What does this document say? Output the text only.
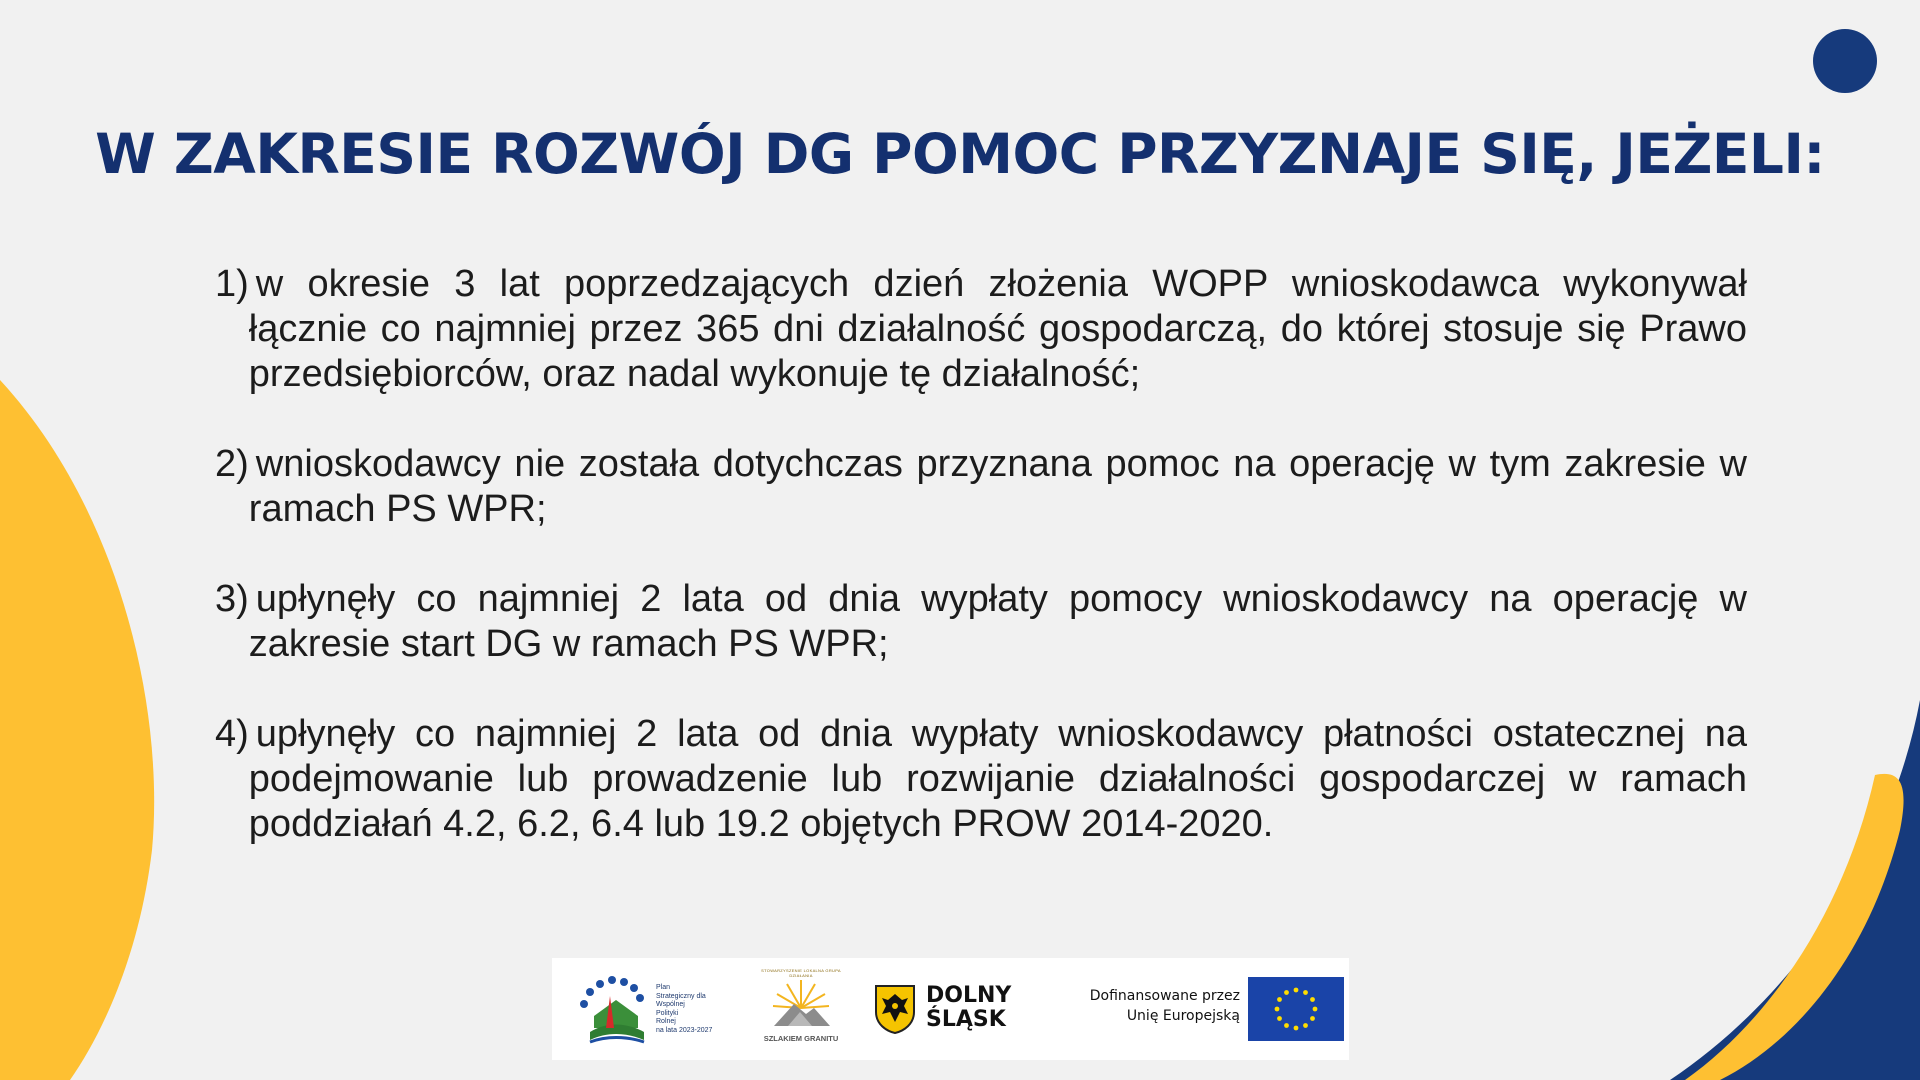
W ZAKRESIE ROZWÓJ DG POMOC PRZYZNAJE SIĘ, JEŻELI:
1) w okresie 3 lat poprzedzających dzień złożenia WOPP wnioskodawca wykonywał łącznie co najmniej przez 365 dni działalność gospodarczą, do której stosuje się Prawo przedsiębiorców, oraz nadal wykonuje tę działalność;
2) wnioskodawcy nie została dotychczas przyznana pomoc na operację w tym zakresie w ramach PS WPR;
3) upłynęły co najmniej 2 lata od dnia wypłaty pomocy wnioskodawcy na operację w zakresie start DG w ramach PS WPR;
4) upłynęły co najmniej 2 lata od dnia wypłaty wnioskodawcy płatności ostatecznej na podejmowanie lub prowadzenie lub rozwijanie działalności gospodarczej w ramach poddziałań 4.2, 6.2, 6.4 lub 19.2 objętych PROW 2014-2020.
Plan
Strategiczny dla
Wspólnej
Polityki
Rolnej
na lata 2023-2027
STOWARZYSZENIE LOKALNA GRUPA DZIAŁANIA
SZLAKIEM GRANITU
DOLNY
ŚLĄSK
Dofinansowane przez
Unię Europejską
